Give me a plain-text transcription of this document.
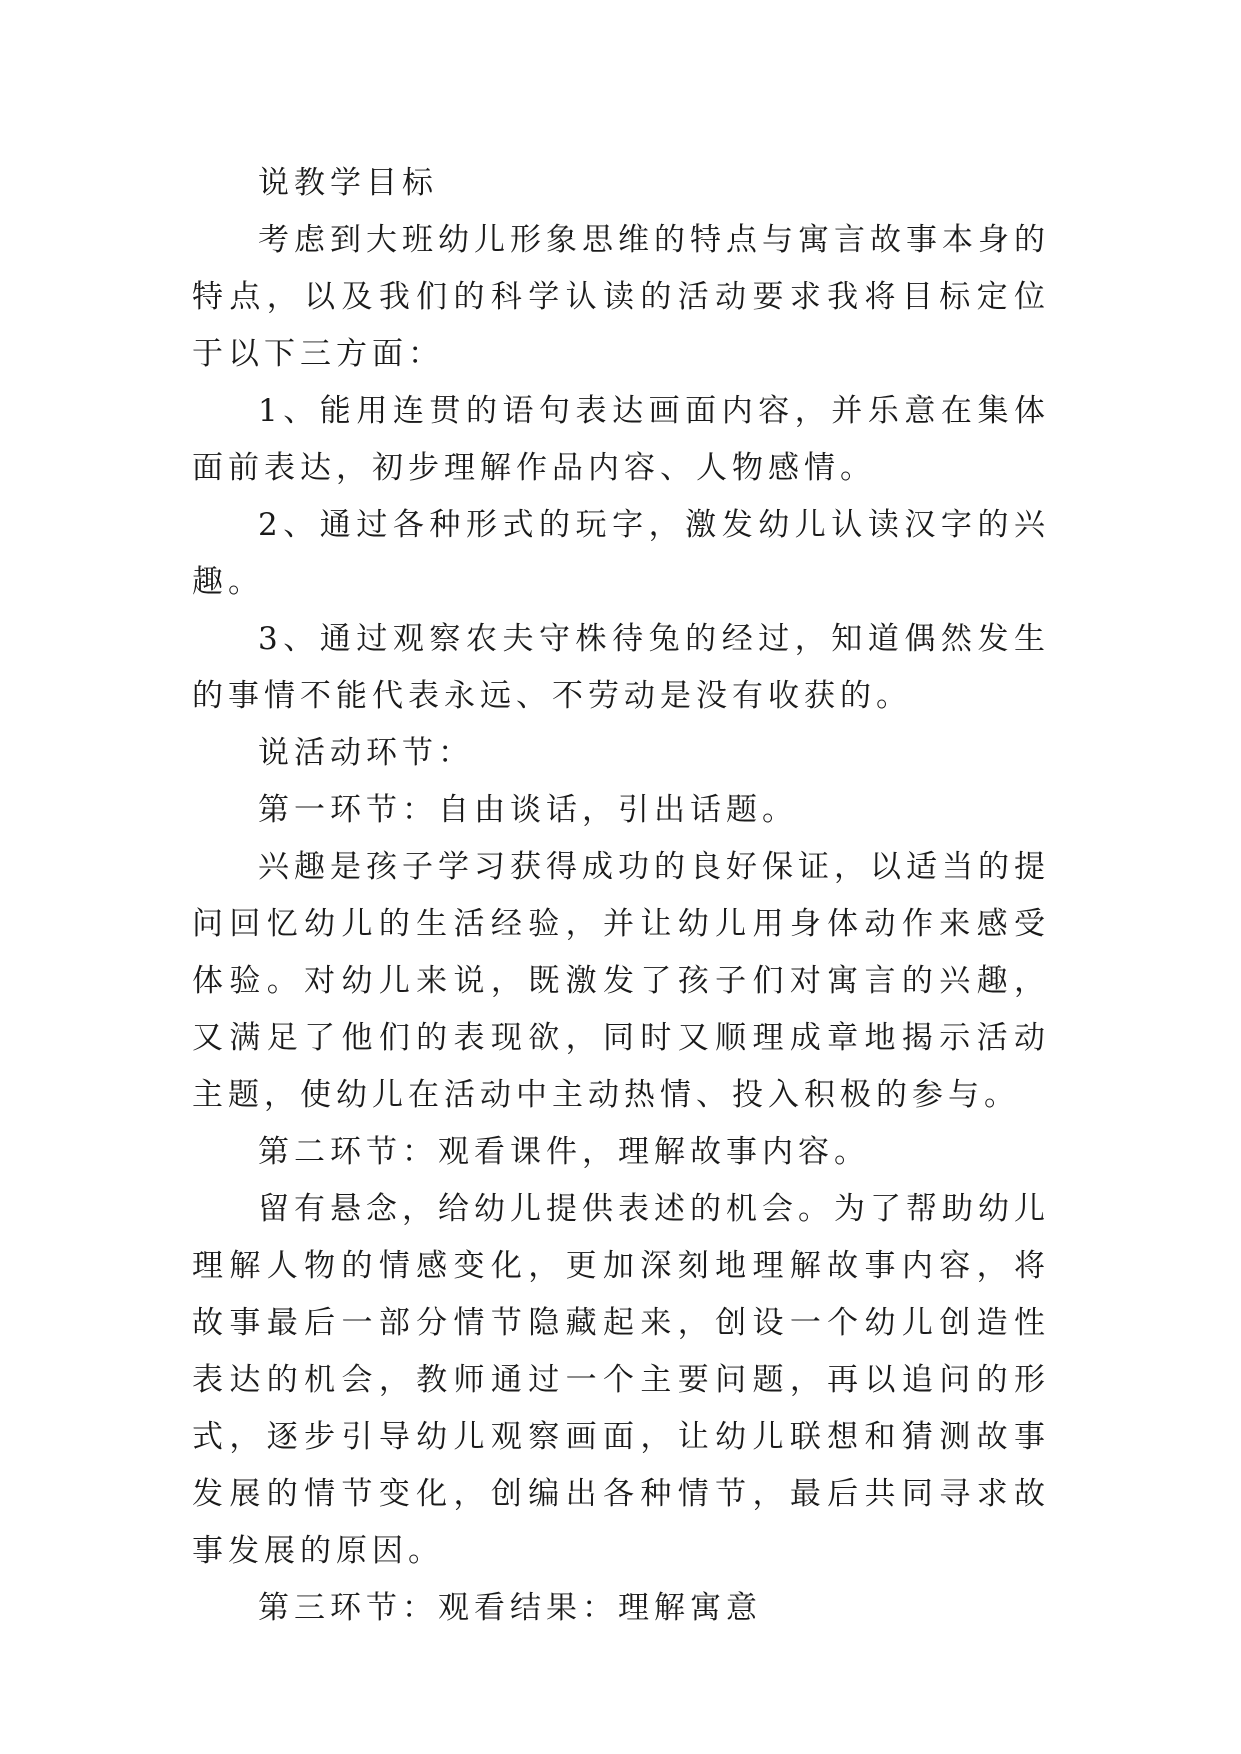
说教学目标

考虑到大班幼儿形象思维的特点与寓言故事本身的特点，以及我们的科学认读的活动要求我将目标定位于以下三方面：

1、能用连贯的语句表达画面内容，并乐意在集体面前表达，初步理解作品内容、人物感情。

2、通过各种形式的玩字，激发幼儿认读汉字的兴趣。

3、通过观察农夫守株待兔的经过，知道偶然发生的事情不能代表永远、不劳动是没有收获的。

说活动环节：

第一环节：自由谈话，引出话题。

兴趣是孩子学习获得成功的良好保证，以适当的提问回忆幼儿的生活经验，并让幼儿用身体动作来感受体验。对幼儿来说，既激发了孩子们对寓言的兴趣，又满足了他们的表现欲，同时又顺理成章地揭示活动主题，使幼儿在活动中主动热情、投入积极的参与。

第二环节：观看课件，理解故事内容。

留有悬念，给幼儿提供表述的机会。为了帮助幼儿理解人物的情感变化，更加深刻地理解故事内容，将故事最后一部分情节隐藏起来，创设一个幼儿创造性表达的机会，教师通过一个主要问题，再以追问的形式，逐步引导幼儿观察画面，让幼儿联想和猜测故事发展的情节变化，创编出各种情节，最后共同寻求故事发展的原因。

第三环节：观看结果：理解寓意
